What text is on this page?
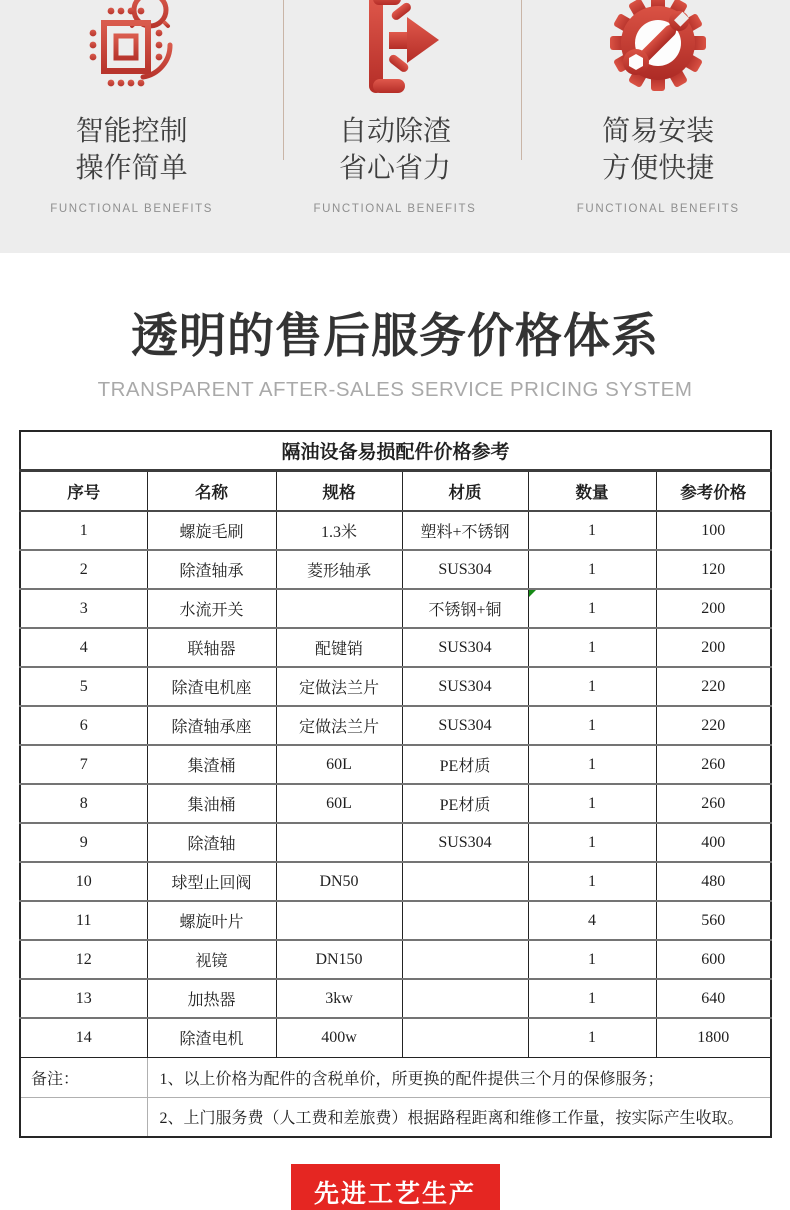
智能控制
操作简单
FUNCTIONAL BENEFITS
自动除渣
省心省力
FUNCTIONAL BENEFITS
简易安装
方便快捷
FUNCTIONAL BENEFITS
透明的售后服务价格体系
TRANSPARENT AFTER-SALES SERVICE PRICING SYSTEM
隔油设备易损配件价格参考					
序号	名称	规格	材质	数量	参考价格
1	螺旋毛刷	1.3米	塑料+不锈钢	1	100
2	除渣轴承	菱形轴承	SUS304	1	120
3	水流开关		不锈钢+铜	1	200
4	联轴器	配键销	SUS304	1	200
5	除渣电机座	定做法兰片	SUS304	1	220
6	除渣轴承座	定做法兰片	SUS304	1	220
7	集渣桶	60L	PE材质	1	260
8	集油桶	60L	PE材质	1	260
9	除渣轴		SUS304	1	400
10	球型止回阀	DN50		1	480
11	螺旋叶片			4	560
12	视镜	DN150		1	600
13	加热器	3kw		1	640
14	除渣电机	400w		1	1800
备注：	1、以上价格为配件的含税单价，所更换的配件提供三个月的保修服务；				
	2、上门服务费（人工费和差旅费）根据路程距离和维修工作量，按实际产生收取。				
先进工艺生产
